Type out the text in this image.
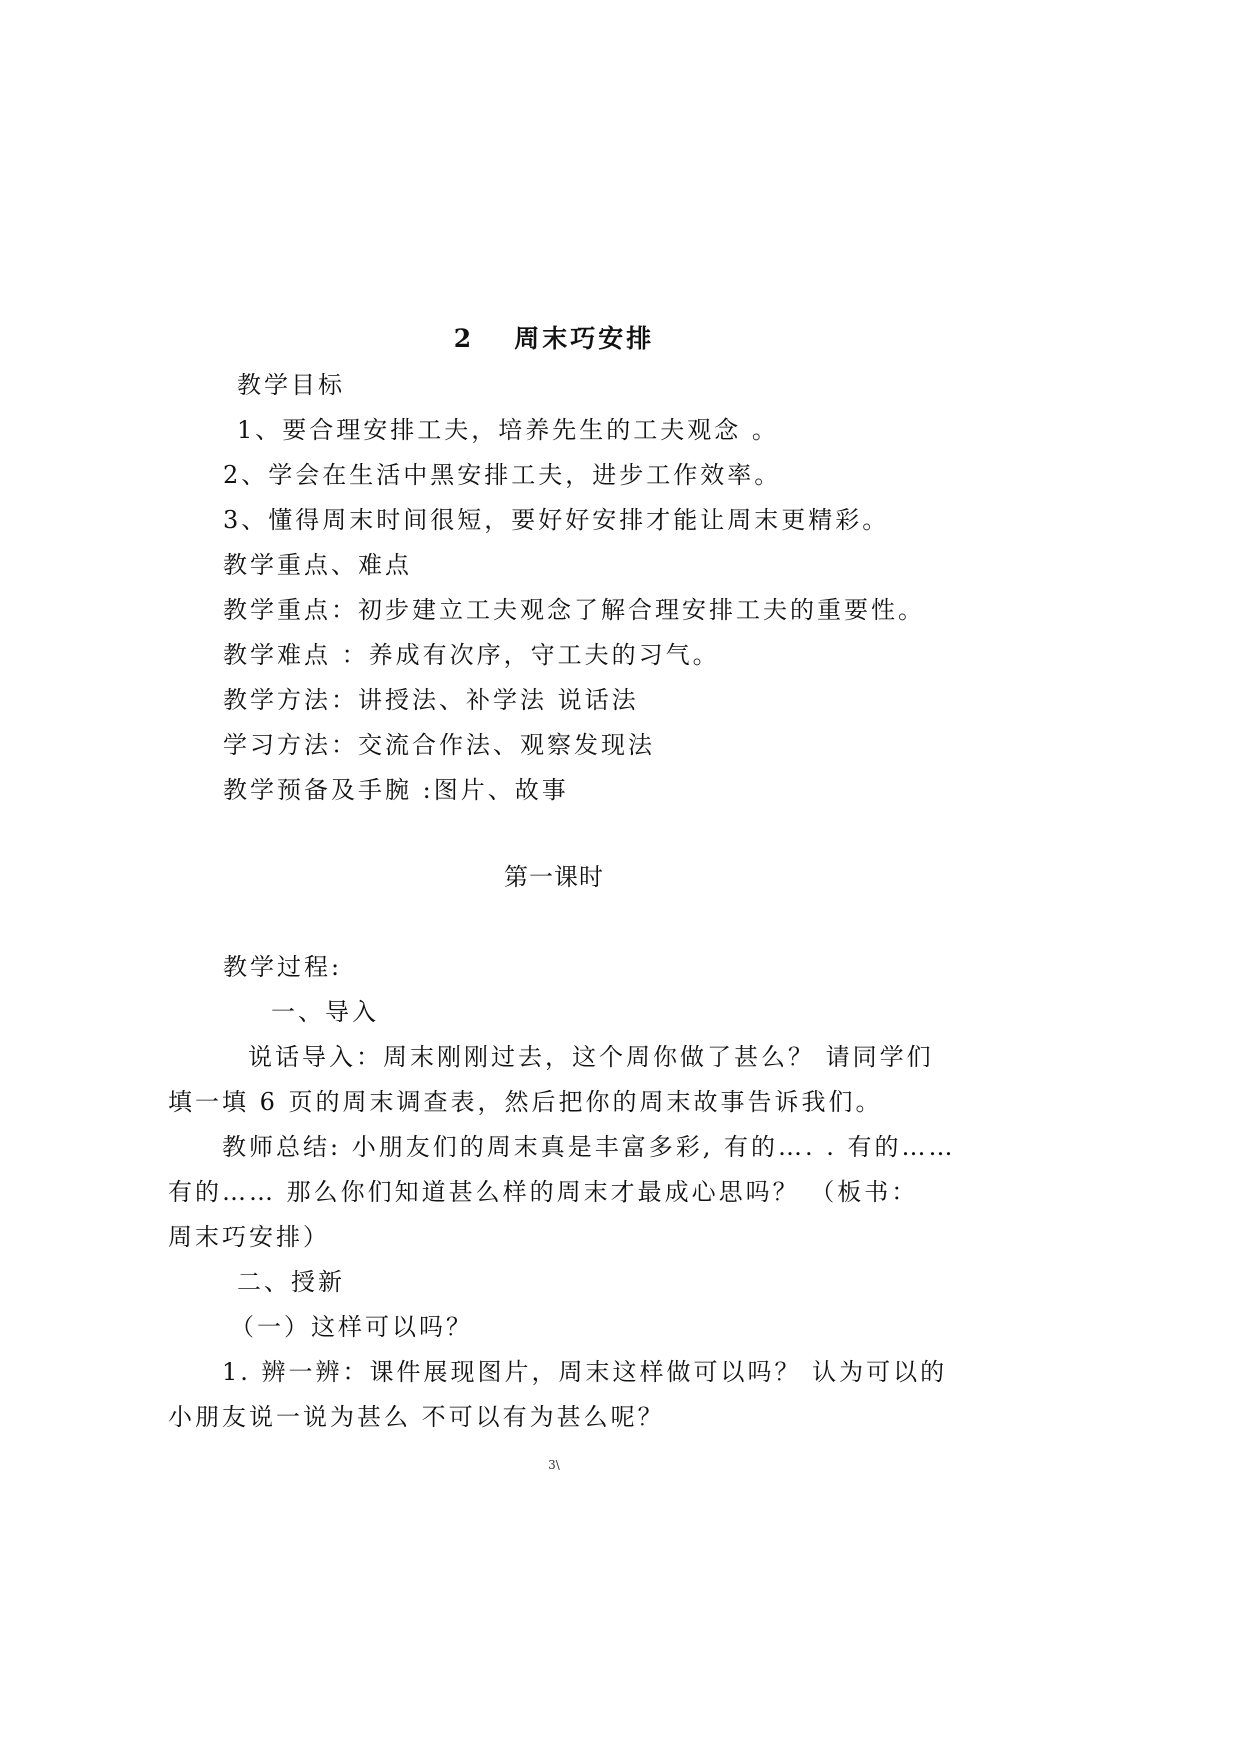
2 周末巧安排
教学目标
1、要合理安排工夫，培养先生的工夫观念 。
2、学会在生活中黑安排工夫，进步工作效率。
3、懂得周末时间很短，要好好安排才能让周末更精彩。
教学重点、难点
教学重点：初步建立工夫观念了解合理安排工夫的重要性。
教学难点 ：养成有次序，守工夫的习气。
教学方法：讲授法、补学法 说话法
学习方法：交流合作法、观察发现法
教学预备及手腕 :图片、故事
第一课时
教学过程:
一、导入
说话导入：周末刚刚过去，这个周你做了甚么？ 请同学们
填一填 6 页的周末调查表，然后把你的周末故事告诉我们。
教师总结: 小朋友们的周末真是丰富多彩, 有的…. . 有的……
有的…… 那么你们知道甚么样的周末才最成心思吗？ （板书：
周末巧安排）
二、授新
（一）这样可以吗？
1. 辨一辨：课件展现图片，周末这样做可以吗？ 认为可以的
小朋友说一说为甚么 不可以有为甚么呢？
3\
